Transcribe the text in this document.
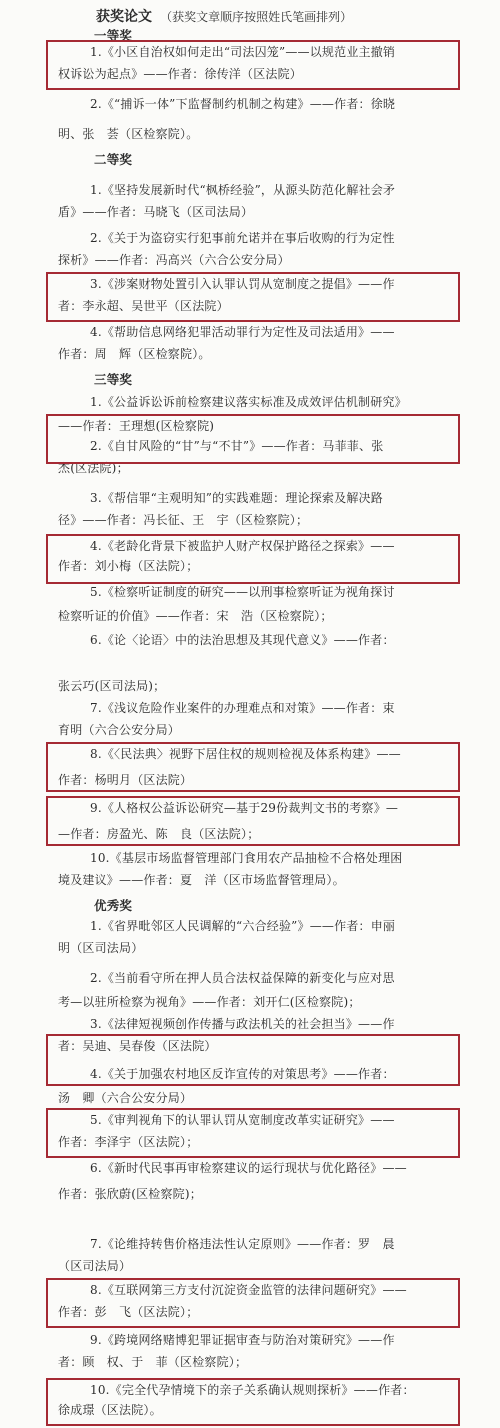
获奖论文 （获奖文章顺序按照姓氏笔画排列）
一等奖
1.《小区自治权如何走出“司法囚笼”——以规范业主撤销
权诉讼为起点》——作者：徐传洋（区法院）
2.《“捕诉一体”下监督制约机制之构建》——作者：徐晓
明、张　荟（区检察院）。
二等奖
1.《坚持发展新时代“枫桥经验”，从源头防范化解社会矛
盾》——作者：马晓飞（区司法局）
2.《关于为盗窃实行犯事前允诺并在事后收购的行为定性
探析》——作者：冯高兴（六合公安分局）
3.《涉案财物处置引入认罪认罚从宽制度之提倡》——作
者：李永超、吴世平（区法院）
4.《帮助信息网络犯罪活动罪行为定性及司法适用》——
作者：周　辉（区检察院）。
三等奖
1.《公益诉讼诉前检察建议落实标准及成效评估机制研究》
——作者：王理想(区检察院)
2.《自甘风险的“甘”与“不甘”》——作者：马菲菲、张
杰(区法院)；
3.《帮信罪“主观明知”的实践难题：理论探索及解决路
径》——作者：冯长征、王　宇（区检察院）；
4.《老龄化背景下被监护人财产权保护路径之探索》——
作者：刘小梅（区法院）；
5.《检察听证制度的研究——以刑事检察听证为视角探讨
检察听证的价值》——作者：宋　浩（区检察院）；
6.《论〈论语〉中的法治思想及其现代意义》——作者：
张云巧(区司法局)；
7.《浅议危险作业案件的办理难点和对策》——作者：束
育明（六合公安分局）
8.《〈民法典〉视野下居住权的规则检视及体系构建》——
作者：杨明月（区法院）
9.《人格权公益诉讼研究—基于29份裁判文书的考察》—
—作者：房盈光、陈　良（区法院）；
10.《基层市场监督管理部门食用农产品抽检不合格处理困
境及建议》——作者：夏　洋（区市场监督管理局）。
优秀奖
1.《省界毗邻区人民调解的“六合经验”》——作者：申丽
明（区司法局）
2.《当前看守所在押人员合法权益保障的新变化与应对思
考—以驻所检察为视角》——作者：刘开仁(区检察院)；
3.《法律短视频创作传播与政法机关的社会担当》——作
者：吴迪、吴春俊（区法院）
4.《关于加强农村地区反诈宣传的对策思考》——作者：
汤　卿（六合公安分局）
5.《审判视角下的认罪认罚从宽制度改革实证研究》——
作者：李泽宇（区法院）；
6.《新时代民事再审检察建议的运行现状与优化路径》——
作者：张欣蔚(区检察院)；
7.《论维持转售价格违法性认定原则》——作者：罗　晨
（区司法局）
8.《互联网第三方支付沉淀资金监管的法律问题研究》——
作者：彭　飞（区法院）；
9.《跨境网络赌博犯罪证据审查与防治对策研究》——作
者：顾　权、于　菲（区检察院）；
10.《完全代孕情境下的亲子关系确认规则探析》——作者：
徐成璟（区法院）。
